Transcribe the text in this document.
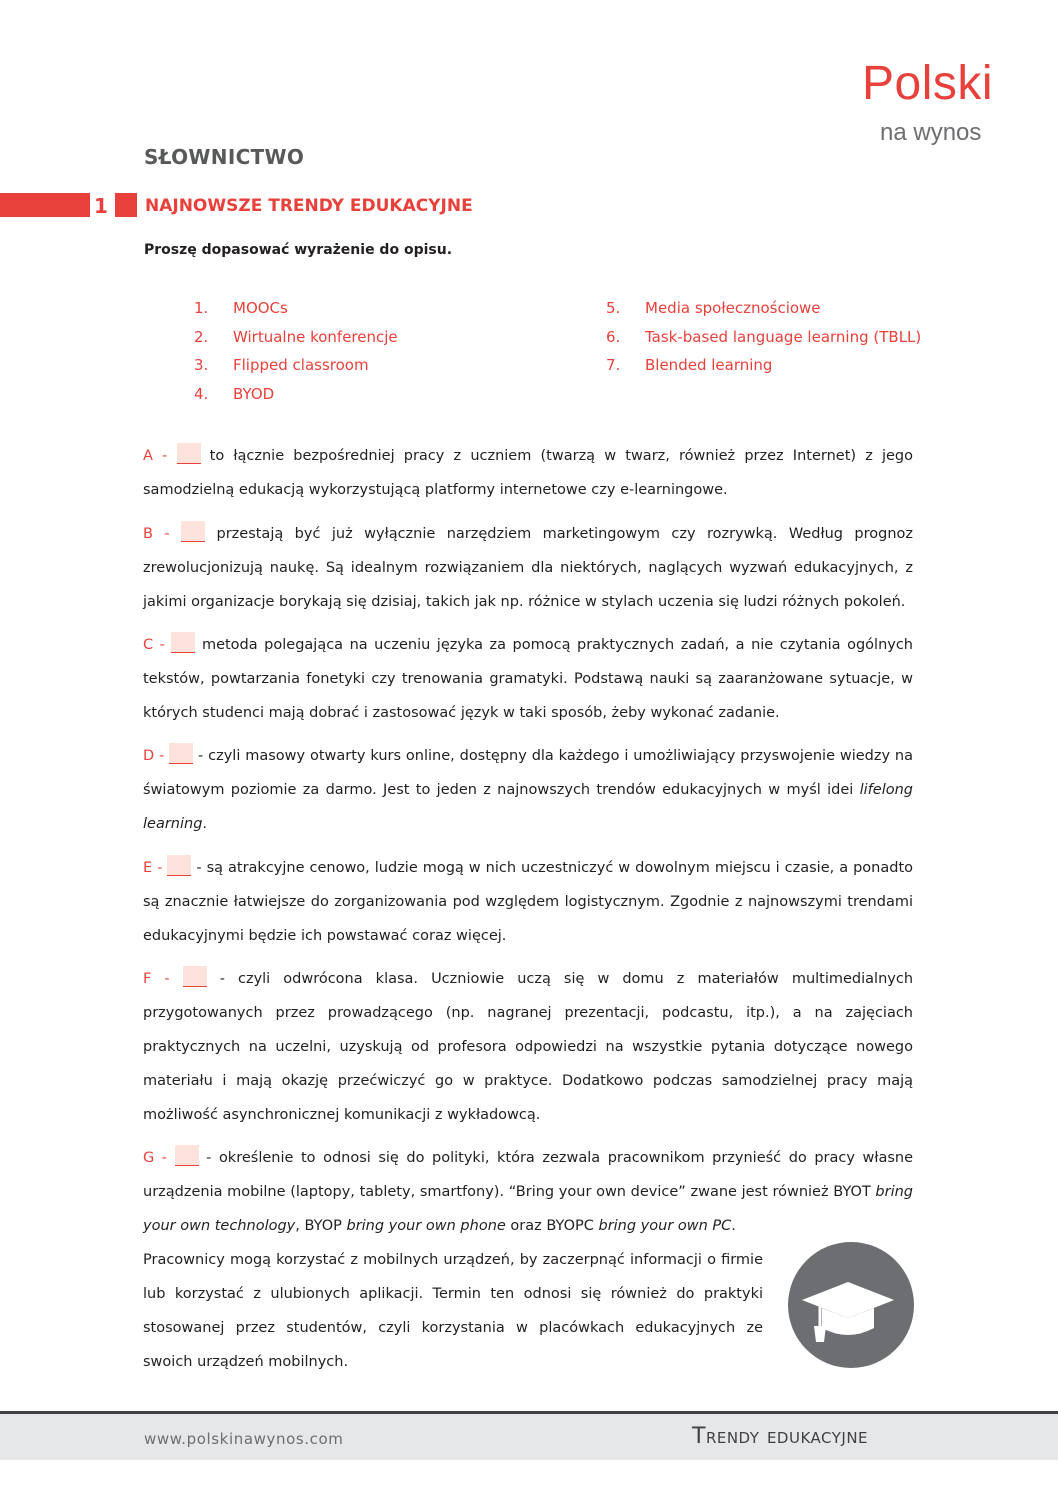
Polski
na wynos
SŁOWNICTWO
1 NAJNOWSZE TRENDY EDUKACYJNE

Proszę dopasować wyrażenie do opisu.

1. MOOCs
2. Wirtualne konferencje
3. Flipped classroom
4. BYOD
5. Media społecznościowe
6. Task-based language learning (TBLL)
7. Blended learning

A -	to łącznie bezpośredniej pracy z uczniem (twarzą w twarz, również przez Internet) z jego samodzielną edukacją wykorzystującą platformy internetowe czy e-learningowe.

B -	przestają być już wyłącznie narzędziem marketingowym czy rozrywką. Według prognoz zrewolucjonizują naukę. Są idealnym rozwiązaniem dla niektórych, naglących wyzwań edukacyjnych, z jakimi organizacje borykają się dzisiaj, takich jak np. różnice w stylach uczenia się ludzi różnych pokoleń.

C -	metoda polegająca na uczeniu języka za pomocą praktycznych zadań, a nie czytania ogólnych tekstów, powtarzania fonetyki czy trenowania gramatyki. Podstawą nauki są zaaranżowane sytuacje, w których studenci mają dobrać i zastosować język w taki sposób, żeby wykonać zadanie.

D - - czyli masowy otwarty kurs online, dostępny dla każdego i umożliwiający przyswojenie wiedzy na światowym poziomie za darmo. Jest to jeden z najnowszych trendów edukacyjnych w myśl idei lifelong learning.

E - - są atrakcyjne cenowo, ludzie mogą w nich uczestniczyć w dowolnym miejscu i czasie, a ponadto są znacznie łatwiejsze do zorganizowania pod względem logistycznym. Zgodnie z najnowszymi trendami edukacyjnymi będzie ich powstawać coraz więcej.

F -	- czyli odwrócona klasa. Uczniowie uczą się w domu z materiałów multimedialnych przygotowanych przez prowadzącego (np. nagranej prezentacji, podcastu, itp.), a na zajęciach praktycznych na uczelni, uzyskują od profesora odpowiedzi na wszystkie pytania dotyczące nowego materiału i mają okazję przećwiczyć go w praktyce. Dodatkowo podczas samodzielnej pracy mają możliwość asynchronicznej komunikacji z wykładowcą.

G -	- określenie to odnosi się do polityki, która zezwala pracownikom przynieść do pracy własne urządzenia mobilne (laptopy, tablety, smartfony). “Bring your own device” zwane jest również BYOT bring your own technology, BYOP bring your own phone oraz BYOPC bring your own PC.

Pracownicy mogą korzystać z mobilnych urządzeń, by zaczerpnąć informacji o firmie lub korzystać z ulubionych aplikacji. Termin ten odnosi się również do praktyki stosowanej przez studentów, czyli korzystania w placówkach edukacyjnych ze swoich urządzeń mobilnych.

www.polskinawynos.com	Trendy edukacyjne
